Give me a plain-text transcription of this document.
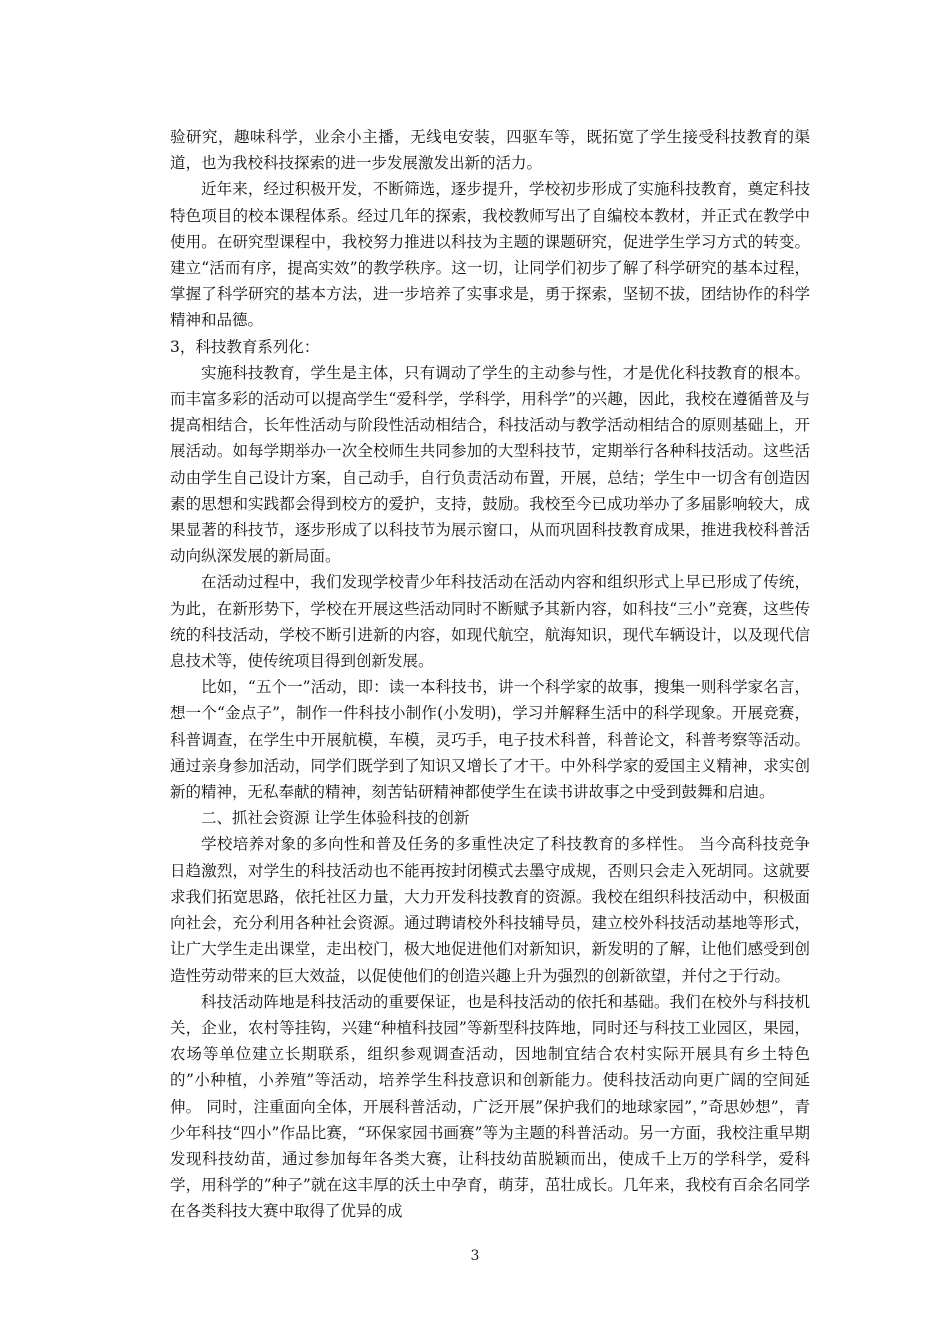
验研究，趣味科学，业余小主播，无线电安装，四驱车等，既拓宽了学生接受科技教育的渠道，也为我校科技探索的进一步发展激发出新的活力。

近年来，经过积极开发，不断筛选，逐步提升，学校初步形成了实施科技教育，奠定科技特色项目的校本课程体系。经过几年的探索，我校教师写出了自编校本教材，并正式在教学中使用。在研究型课程中，我校努力推进以科技为主题的课题研究，促进学生学习方式的转变。建立“活而有序，提高实效”的教学秩序。这一切，让同学们初步了解了科学研究的基本过程，掌握了科学研究的基本方法，进一步培养了实事求是，勇于探索，坚韧不拔，团结协作的科学精神和品德。

3，科技教育系列化：

实施科技教育，学生是主体，只有调动了学生的主动参与性，才是优化科技教育的根本。而丰富多彩的活动可以提高学生“爱科学，学科学，用科学”的兴趣，因此，我校在遵循普及与提高相结合，长年性活动与阶段性活动相结合，科技活动与教学活动相结合的原则基础上，开展活动。如每学期举办一次全校师生共同参加的大型科技节，定期举行各种科技活动。这些活动由学生自己设计方案，自己动手，自行负责活动布置，开展，总结；学生中一切含有创造因素的思想和实践都会得到校方的爱护，支持，鼓励。我校至今已成功举办了多届影响较大，成果显著的科技节，逐步形成了以科技节为展示窗口，从而巩固科技教育成果，推进我校科普活动向纵深发展的新局面。

在活动过程中，我们发现学校青少年科技活动在活动内容和组织形式上早已形成了传统，为此，在新形势下，学校在开展这些活动同时不断赋予其新内容，如科技“三小”竞赛，这些传统的科技活动，学校不断引进新的内容，如现代航空，航海知识，现代车辆设计，以及现代信息技术等，使传统项目得到创新发展。

比如，“五个一”活动，即：读一本科技书，讲一个科学家的故事，搜集一则科学家名言，想一个“金点子”，制作一件科技小制作(小发明)，学习并解释生活中的科学现象。开展竞赛，科普调查，在学生中开展航模，车模，灵巧手，电子技术科普，科普论文，科普考察等活动。通过亲身参加活动，同学们既学到了知识又增长了才干。中外科学家的爱国主义精神，求实创新的精神，无私奉献的精神，刻苦钻研精神都使学生在读书讲故事之中受到鼓舞和启迪。

二、抓社会资源 让学生体验科技的创新

学校培养对象的多向性和普及任务的多重性决定了科技教育的多样性。 当今高科技竞争日趋激烈，对学生的科技活动也不能再按封闭模式去墨守成规，否则只会走入死胡同。这就要求我们拓宽思路，依托社区力量，大力开发科技教育的资源。我校在组织科技活动中，积极面向社会，充分利用各种社会资源。通过聘请校外科技辅导员，建立校外科技活动基地等形式，让广大学生走出课堂，走出校门，极大地促进他们对新知识，新发明的了解，让他们感受到创造性劳动带来的巨大效益，以促使他们的创造兴趣上升为强烈的创新欲望，并付之于行动。

科技活动阵地是科技活动的重要保证，也是科技活动的依托和基础。我们在校外与科技机关，企业，农村等挂钩，兴建“种植科技园”等新型科技阵地，同时还与科技工业园区，果园，农场等单位建立长期联系，组织参观调查活动，因地制宜结合农村实际开展具有乡土特色的”小种植，小养殖”等活动，培养学生科技意识和创新能力。使科技活动向更广阔的空间延伸。 同时，注重面向全体，开展科普活动，广泛开展”保护我们的地球家园”，”奇思妙想”，青少年科技“四小”作品比赛，“环保家园书画赛”等为主题的科普活动。另一方面，我校注重早期发现科技幼苗，通过参加每年各类大赛，让科技幼苗脱颖而出，使成千上万的学科学，爱科学，用科学的”种子”就在这丰厚的沃土中孕育，萌芽，茁壮成长。几年来，我校有百余名同学在各类科技大赛中取得了优异的成

3
